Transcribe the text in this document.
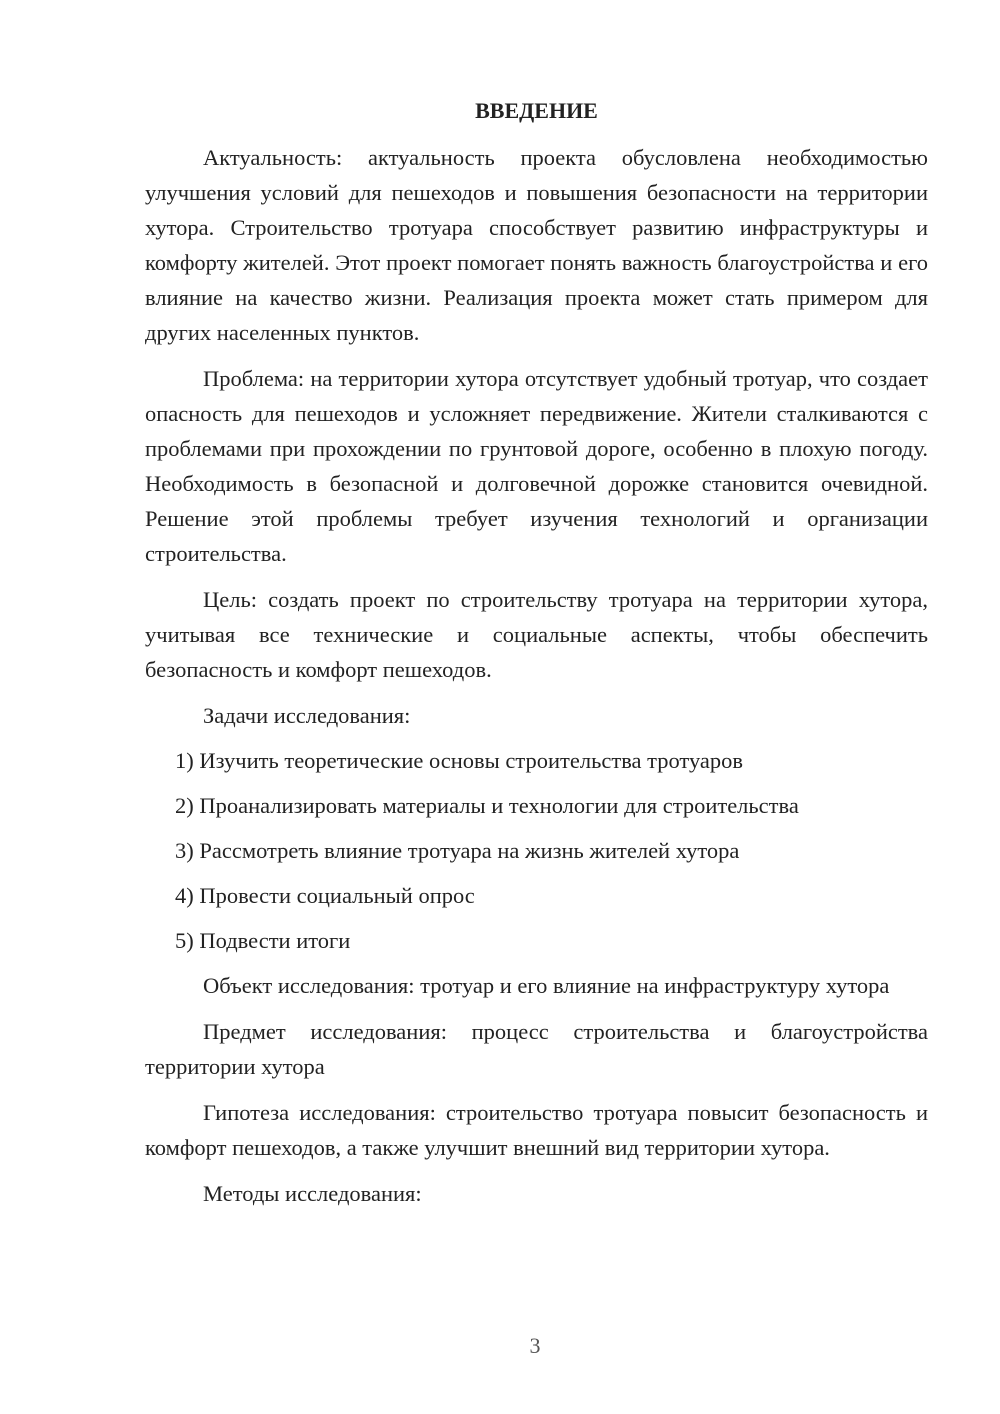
ВВЕДЕНИЕ

Актуальность: актуальность проекта обусловлена необходимостью улучшения условий для пешеходов и повышения безопасности на территории хутора. Строительство тротуара способствует развитию инфраструктуры и комфорту жителей. Этот проект помогает понять важность благоустройства и его влияние на качество жизни. Реализация проекта может стать примером для других населенных пунктов.

Проблема: на территории хутора отсутствует удобный тротуар, что создает опасность для пешеходов и усложняет передвижение. Жители сталкиваются с проблемами при прохождении по грунтовой дороге, особенно в плохую погоду. Необходимость в безопасной и долговечной дорожке становится очевидной. Решение этой проблемы требует изучения технологий и организации строительства.

Цель: создать проект по строительству тротуара на территории хутора, учитывая все технические и социальные аспекты, чтобы обеспечить безопасность и комфорт пешеходов.

Задачи исследования:

1) Изучить теоретические основы строительства тротуаров
2) Проанализировать материалы и технологии для строительства
3) Рассмотреть влияние тротуара на жизнь жителей хутора
4) Провести социальный опрос
5) Подвести итоги

Объект исследования: тротуар и его влияние на инфраструктуру хутора

Предмет исследования: процесс строительства и благоустройства территории хутора

Гипотеза исследования: строительство тротуара повысит безопасность и комфорт пешеходов, а также улучшит внешний вид территории хутора.

Методы исследования:

3
